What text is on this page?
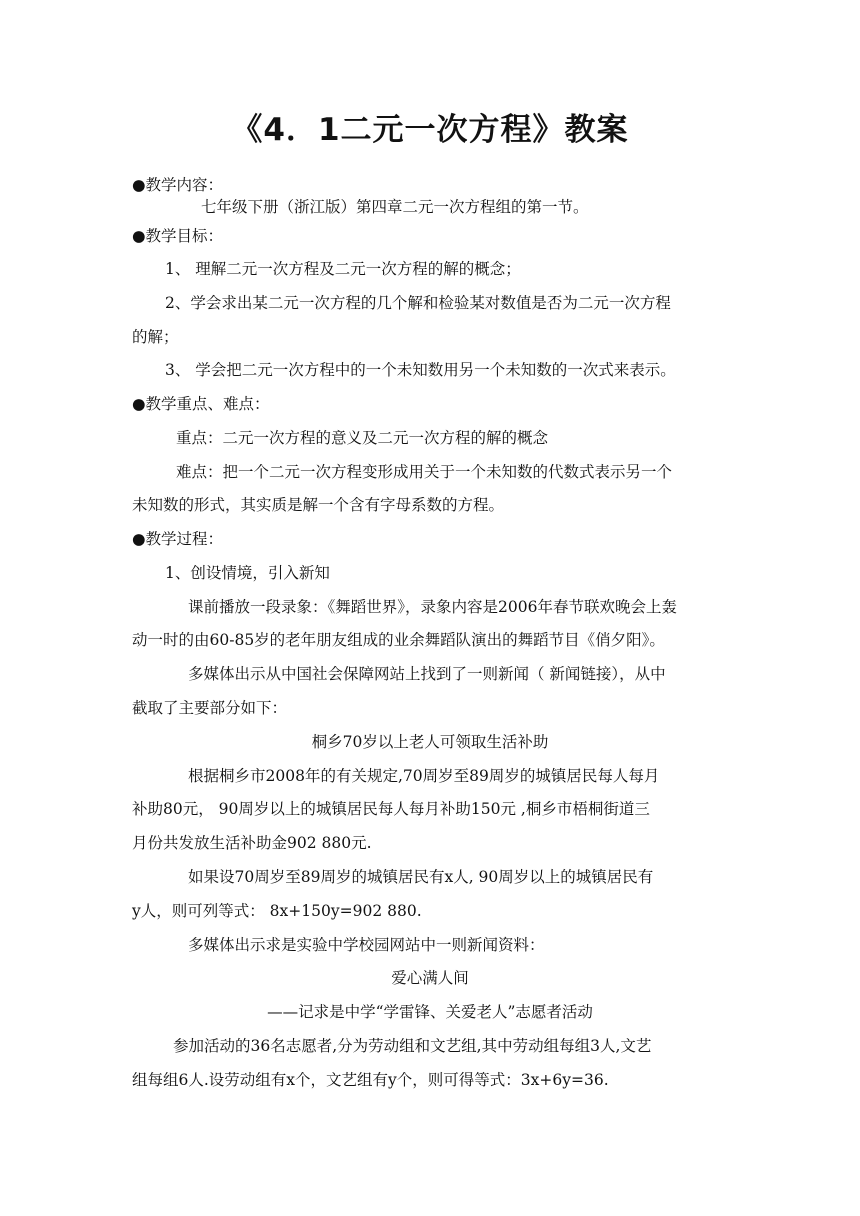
《4．1二元一次方程》教案
●教学内容：
七年级下册（浙江版）第四章二元一次方程组的第一节。
●教学目标：
1、 理解二元一次方程及二元一次方程的解的概念；
2、学会求出某二元一次方程的几个解和检验某对数值是否为二元一次方程
的解；
3、 学会把二元一次方程中的一个未知数用另一个未知数的一次式来表示。
●教学重点、难点：
重点：二元一次方程的意义及二元一次方程的解的概念
难点：把一个二元一次方程变形成用关于一个未知数的代数式表示另一个
未知数的形式，其实质是解一个含有字母系数的方程。
●教学过程：
1、创设情境，引入新知
课前播放一段录象：《舞蹈世界》，录象内容是2006年春节联欢晚会上轰
动一时的由60-85岁的老年朋友组成的业余舞蹈队演出的舞蹈节目《俏夕阳》。
多媒体出示从中国社会保障网站上找到了一则新闻（ 新闻链接），从中
截取了主要部分如下：
桐乡70岁以上老人可领取生活补助
根据桐乡市2008年的有关规定,70周岁至89周岁的城镇居民每人每月
补助80元， 90周岁以上的城镇居民每人每月补助150元 ,桐乡市梧桐街道三
月份共发放生活补助金902 880元.
如果设70周岁至89周岁的城镇居民有x人, 90周岁以上的城镇居民有
y人，则可列等式： 8x+150y=902 880.
多媒体出示求是实验中学校园网站中一则新闻资料：
爱心满人间
——记求是中学“学雷锋、关爱老人”志愿者活动
参加活动的36名志愿者,分为劳动组和文艺组,其中劳动组每组3人,文艺
组每组6人.设劳动组有x个，文艺组有y个，则可得等式：3x+6y=36.
